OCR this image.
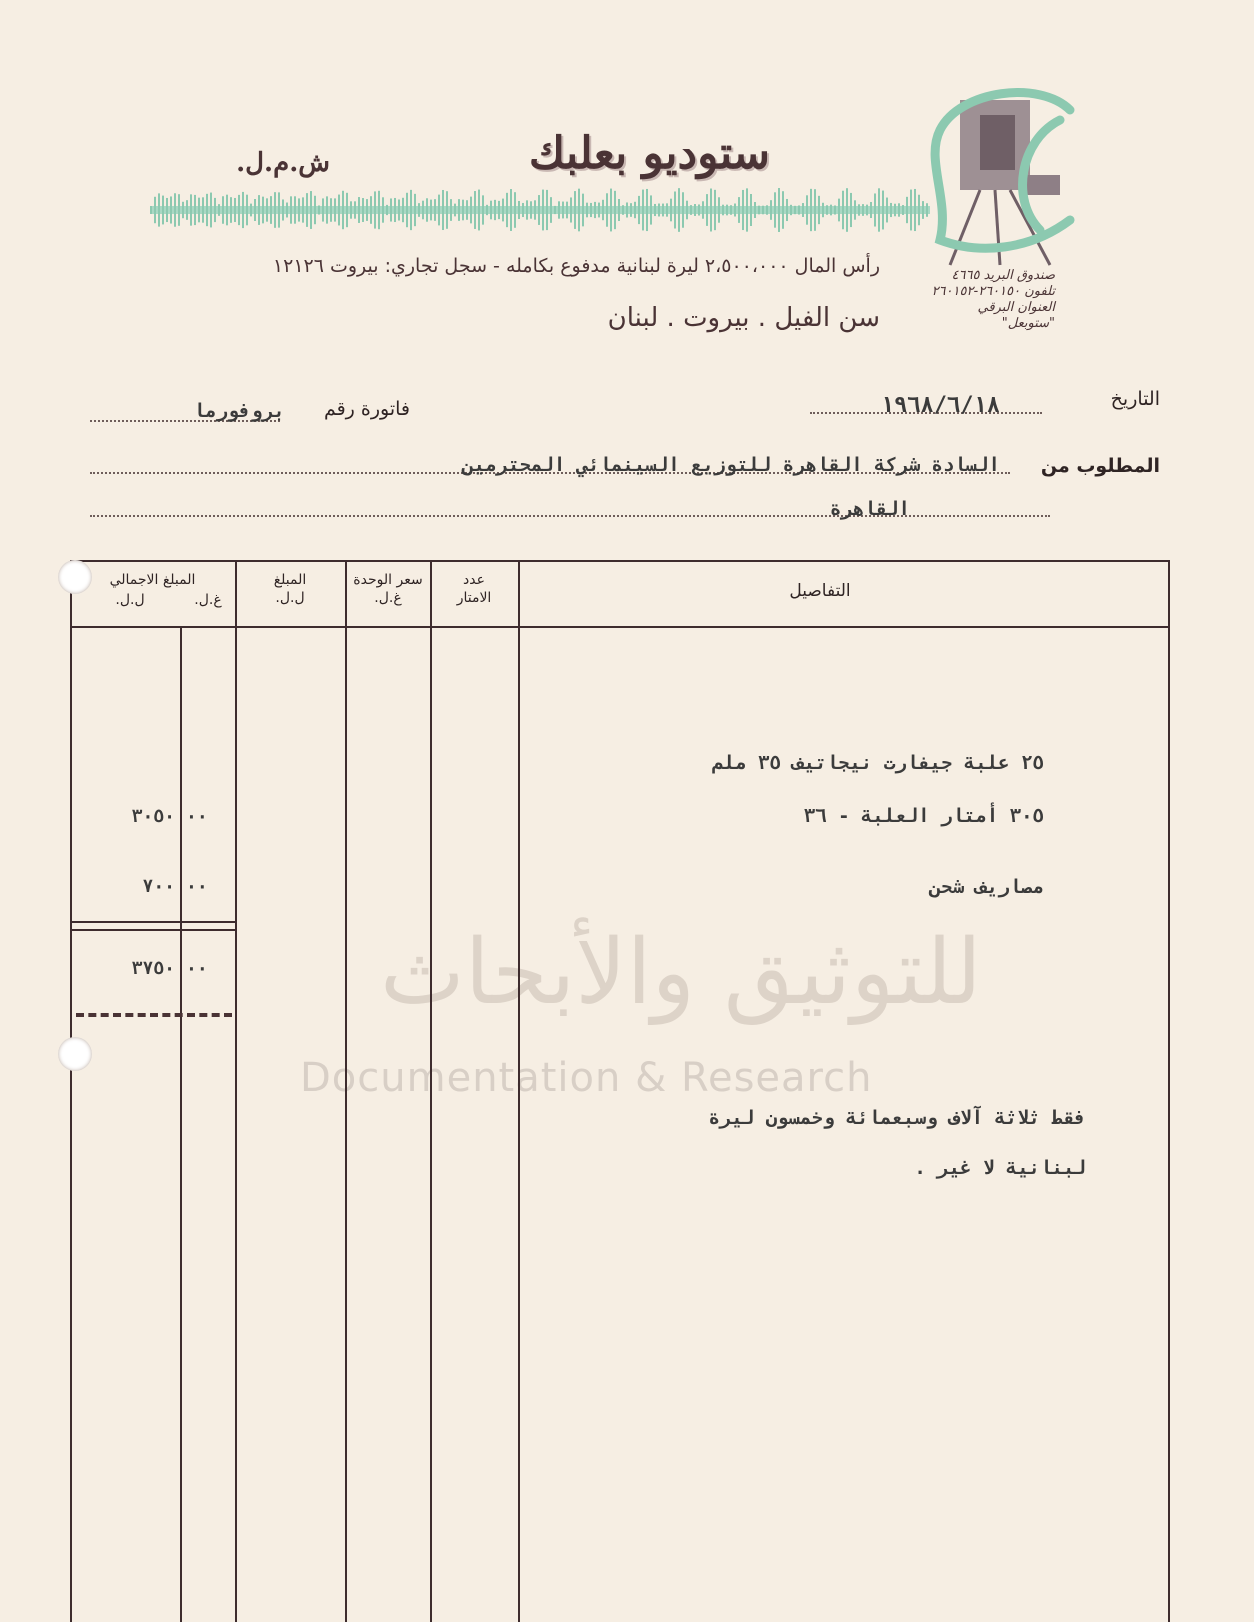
ستوديو بعلبك
ش.م.ل.
رأس المال ٢،٥٠٠،٠٠٠ ليرة لبنانية مدفوع بكامله - سجل تجاري: بيروت ١٢١٢٦
سن الفيل . بيروت . لبنان
صندوق البريد ٤٦٦٥
تلفون ٢٦٠١٥٠-٢٦٠١٥٢
العنوان البرقي "ستوبعل"
للتوثيق والأبحاث
Documentation & Research
التاريخ
١٩٦٨/٦/١٨
فاتورة رقم
بروفورما
المطلوب من
السادة شركة القاهرة للتوزيع السينمائي المحترمين
القاهرة
التفاصيل
عدد
الامتار
سعر الوحدة
غ.ل.
المبلغ
ل.ل.
المبلغ الاجمالي
ل.ل.	غ.ل.
٢٥ علبة جيفارت نيجاتيف ٣٥ ملم
٣٠٥ أمتار العلبة - ٣٦
مصاريف شحن
٣٠٥٠ ٠٠
٧٠٠ ٠٠
٣٧٥٠ ٠٠
فقط ثلاثة آلاف وسبعمائة وخمسون ليرة
لبنانية لا غير .
